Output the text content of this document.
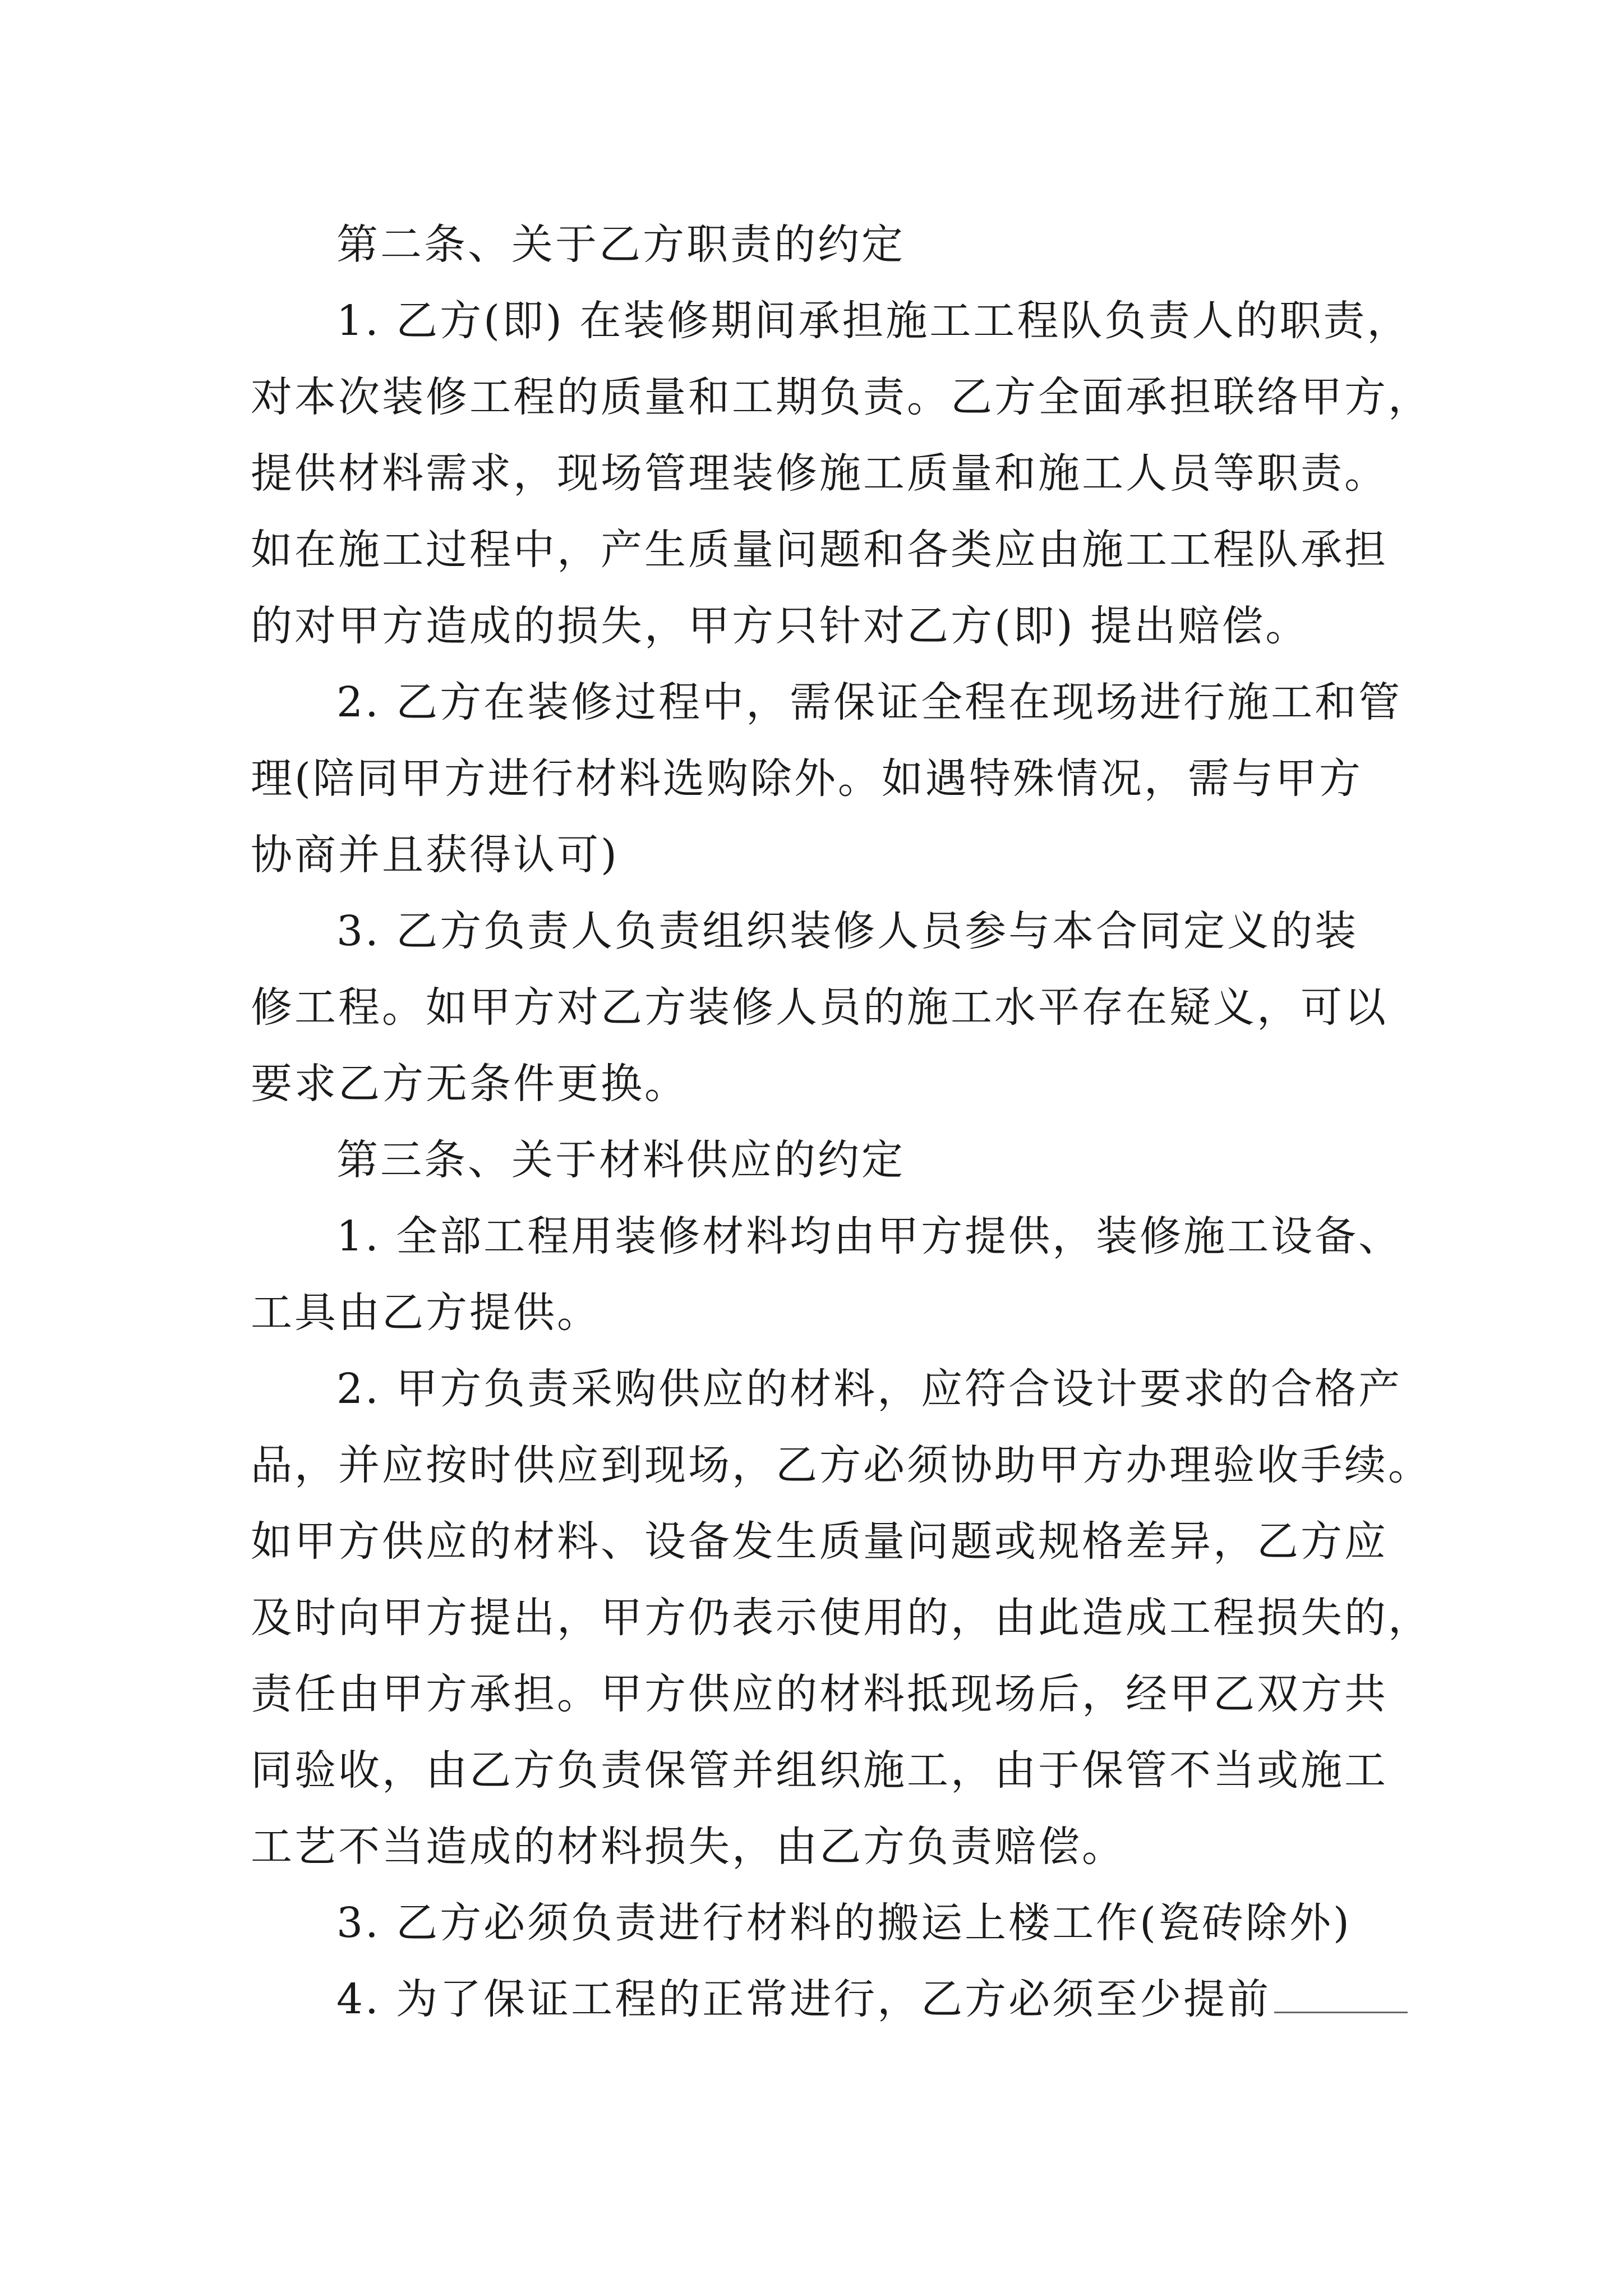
第二条、关于乙方职责的约定
1. 乙方(即) 在装修期间承担施工工程队负责人的职责，
对本次装修工程的质量和工期负责。乙方全面承担联络甲方，
提供材料需求，现场管理装修施工质量和施工人员等职责。
如在施工过程中，产生质量问题和各类应由施工工程队承担
的对甲方造成的损失，甲方只针对乙方(即) 提出赔偿。
2. 乙方在装修过程中，需保证全程在现场进行施工和管
理(陪同甲方进行材料选购除外。如遇特殊情况，需与甲方
协商并且获得认可)
3. 乙方负责人负责组织装修人员参与本合同定义的装
修工程。如甲方对乙方装修人员的施工水平存在疑义，可以
要求乙方无条件更换。
第三条、关于材料供应的约定
1. 全部工程用装修材料均由甲方提供，装修施工设备、
工具由乙方提供。
2. 甲方负责采购供应的材料，应符合设计要求的合格产
品，并应按时供应到现场，乙方必须协助甲方办理验收手续。
如甲方供应的材料、设备发生质量问题或规格差异，乙方应
及时向甲方提出，甲方仍表示使用的，由此造成工程损失的，
责任由甲方承担。甲方供应的材料抵现场后，经甲乙双方共
同验收，由乙方负责保管并组织施工，由于保管不当或施工
工艺不当造成的材料损失，由乙方负责赔偿。
3. 乙方必须负责进行材料的搬运上楼工作(瓷砖除外)
4. 为了保证工程的正常进行，乙方必须至少提前
